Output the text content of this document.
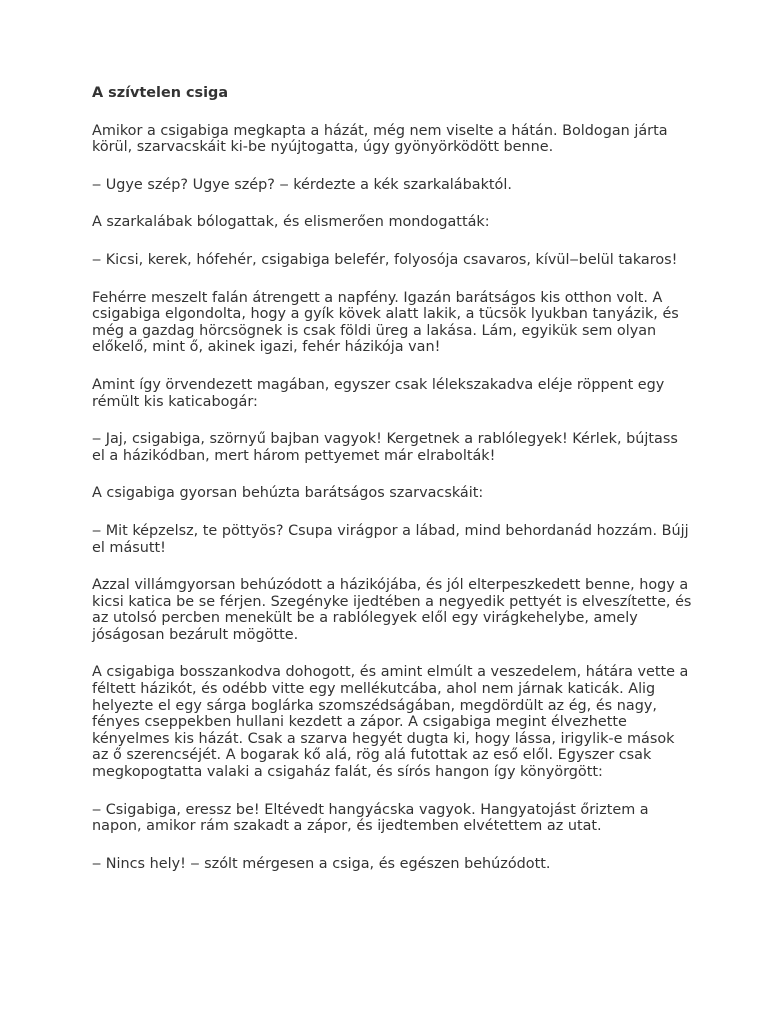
A szívtelen csiga

Amikor a csigabiga megkapta a házát, még nem viselte a hátán. Boldogan járta körül, szarvacskáit ki-be nyújtogatta, úgy gyönyörködött benne.

‒ Ugye szép? Ugye szép? ‒ kérdezte a kék szarkalábaktól.

A szarkalábak bólogattak, és elismerően mondogatták:

‒ Kicsi, kerek, hófehér, csigabiga belefér, folyosója csavaros, kívül‒belül takaros!

Fehérre meszelt falán átrengett a napfény. Igazán barátságos kis otthon volt. A csigabiga elgondolta, hogy a gyík kövek alatt lakik, a tücsök lyukban tanyázik, és még a gazdag hörcsögnek is csak földi üreg a lakása. Lám, egyikük sem olyan előkelő, mint ő, akinek igazi, fehér házikója van!

Amint így örvendezett magában, egyszer csak lélekszakadva eléje röppent egy rémült kis katicabogár:

‒ Jaj, csigabiga, szörnyű bajban vagyok! Kergetnek a rablólegyek! Kérlek, bújtass el a házikódban, mert három pettyemet már elrabolták!

A csigabiga gyorsan behúzta barátságos szarvacskáit:

‒ Mit képzelsz, te pöttyös? Csupa virágpor a lábad, mind behordanád hozzám. Bújj el másutt!

Azzal villámgyorsan behúzódott a házikójába, és jól elterpeszkedett benne, hogy a kicsi katica be se férjen. Szegényke ijedtében a negyedik pettyét is elveszítette, és az utolsó percben menekült be a rablólegyek elől egy virágkehelybe, amely jóságosan bezárult mögötte.

A csigabiga bosszankodva dohogott, és amint elmúlt a veszedelem, hátára vette a féltett házikót, és odébb vitte egy mellékutcába, ahol nem járnak katicák. Alig helyezte el egy sárga boglárka szomszédságában, megdördült az ég, és nagy, fényes cseppekben hullani kezdett a zápor. A csigabiga megint élvezhette kényelmes kis házát. Csak a szarva hegyét dugta ki, hogy lássa, irigylik-e mások az ő szerencséjét. A bogarak kő alá, rög alá futottak az eső elől. Egyszer csak megkopogtatta valaki a csigaház falát, és sírós hangon így könyörgött:

‒ Csigabiga, eressz be! Eltévedt hangyácska vagyok. Hangyatojást őriztem a napon, amikor rám szakadt a zápor, és ijedtemben elvétettem az utat.

‒ Nincs hely! ‒ szólt mérgesen a csiga, és egészen behúzódott.
